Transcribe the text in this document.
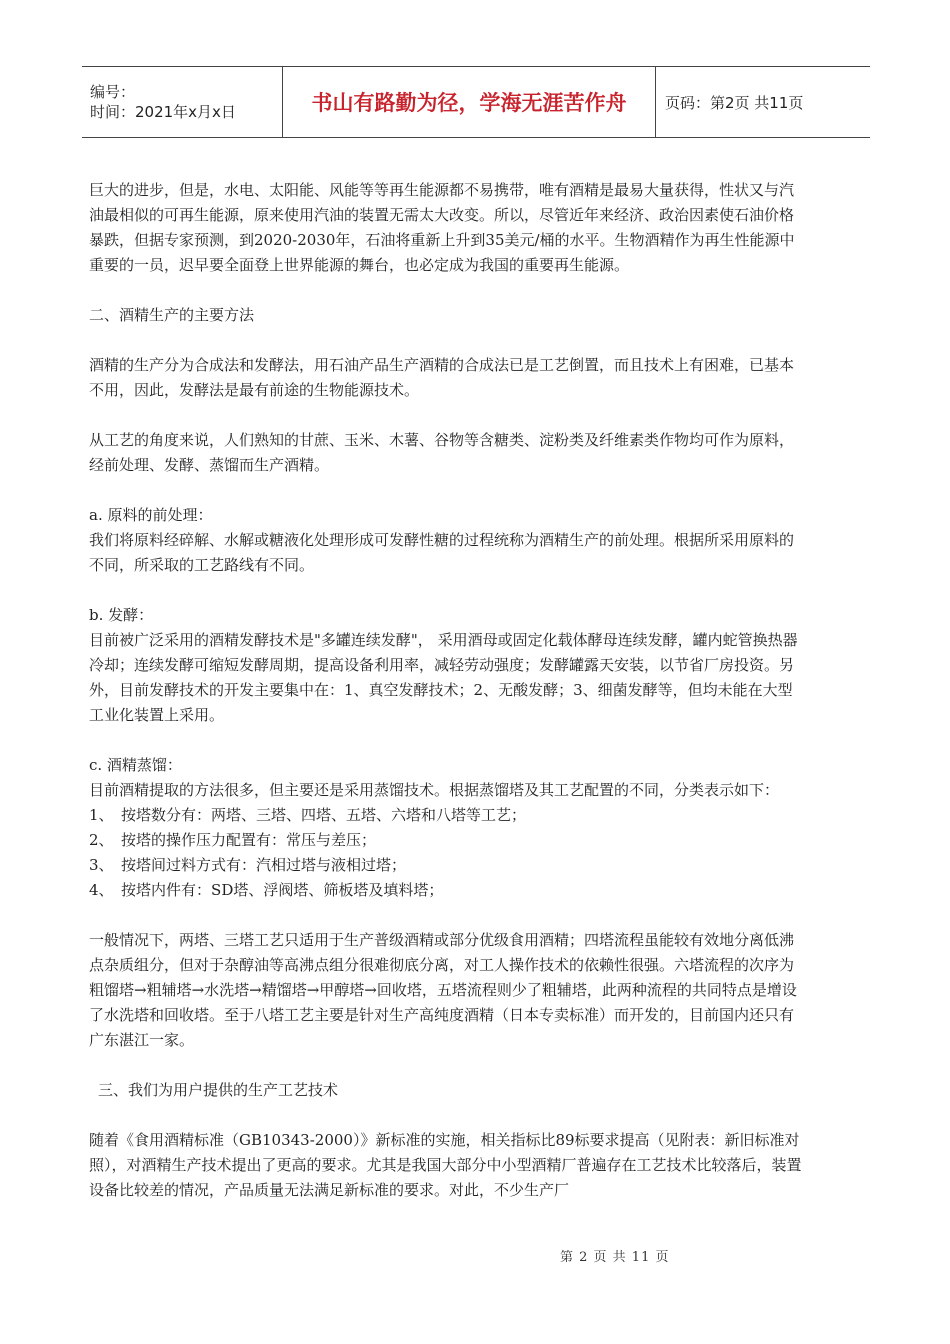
编号：
时间：2021年x月x日	书山有路勤为径，学海无涯苦作舟	页码：第2页 共11页

巨大的进步，但是，水电、太阳能、风能等等再生能源都不易携带，唯有酒精是最易大量获得，性状又与汽油最相似的可再生能源，原来使用汽油的装置无需太大改变。所以，尽管近年来经济、政治因素使石油价格暴跌，但据专家预测，到2020-2030年，石油将重新上升到35美元/桶的水平。生物酒精作为再生性能源中重要的一员，迟早要全面登上世界能源的舞台，也必定成为我国的重要再生能源。

二、酒精生产的主要方法

酒精的生产分为合成法和发酵法，用石油产品生产酒精的合成法已是工艺倒置，而且技术上有困难，已基本不用，因此，发酵法是最有前途的生物能源技术。

从工艺的角度来说，人们熟知的甘蔗、玉米、木薯、谷物等含糖类、淀粉类及纤维素类作物均可作为原料，经前处理、发酵、蒸馏而生产酒精。

a. 原料的前处理：

我们将原料经碎解、水解或糖液化处理形成可发酵性糖的过程统称为酒精生产的前处理。根据所采用原料的不同，所采取的工艺路线有不同。

b. 发酵：

目前被广泛采用的酒精发酵技术是"多罐连续发酵"， 采用酒母或固定化载体酵母连续发酵，罐内蛇管换热器冷却；连续发酵可缩短发酵周期，提高设备利用率，减轻劳动强度；发酵罐露天安装，以节省厂房投资。另外，目前发酵技术的开发主要集中在：1、真空发酵技术；2、无酸发酵；3、细菌发酵等，但均未能在大型工业化装置上采用。

c. 酒精蒸馏：

目前酒精提取的方法很多，但主要还是采用蒸馏技术。根据蒸馏塔及其工艺配置的不同，分类表示如下：

1、　按塔数分有：两塔、三塔、四塔、五塔、六塔和八塔等工艺；

2、　按塔的操作压力配置有：常压与差压；

3、　按塔间过料方式有：汽相过塔与液相过塔；

4、　按塔内件有：SD塔、浮阀塔、筛板塔及填料塔；

一般情况下，两塔、三塔工艺只适用于生产普级酒精或部分优级食用酒精；四塔流程虽能较有效地分离低沸点杂质组分，但对于杂醇油等高沸点组分很难彻底分离，对工人操作技术的依赖性很强。六塔流程的次序为粗馏塔→粗辅塔→水洗塔→精馏塔→甲醇塔→回收塔，五塔流程则少了粗辅塔，此两种流程的共同特点是增设了水洗塔和回收塔。至于八塔工艺主要是针对生产高纯度酒精（日本专卖标准）而开发的，目前国内还只有广东湛江一家。

三、我们为用户提供的生产工艺技术

随着《食用酒精标准（GB10343-2000）》新标准的实施，相关指标比89标要求提高（见附表：新旧标准对照），对酒精生产技术提出了更高的要求。尤其是我国大部分中小型酒精厂普遍存在工艺技术比较落后，装置设备比较差的情况，产品质量无法满足新标准的要求。对此，不少生产厂

第 2 页 共 11 页
